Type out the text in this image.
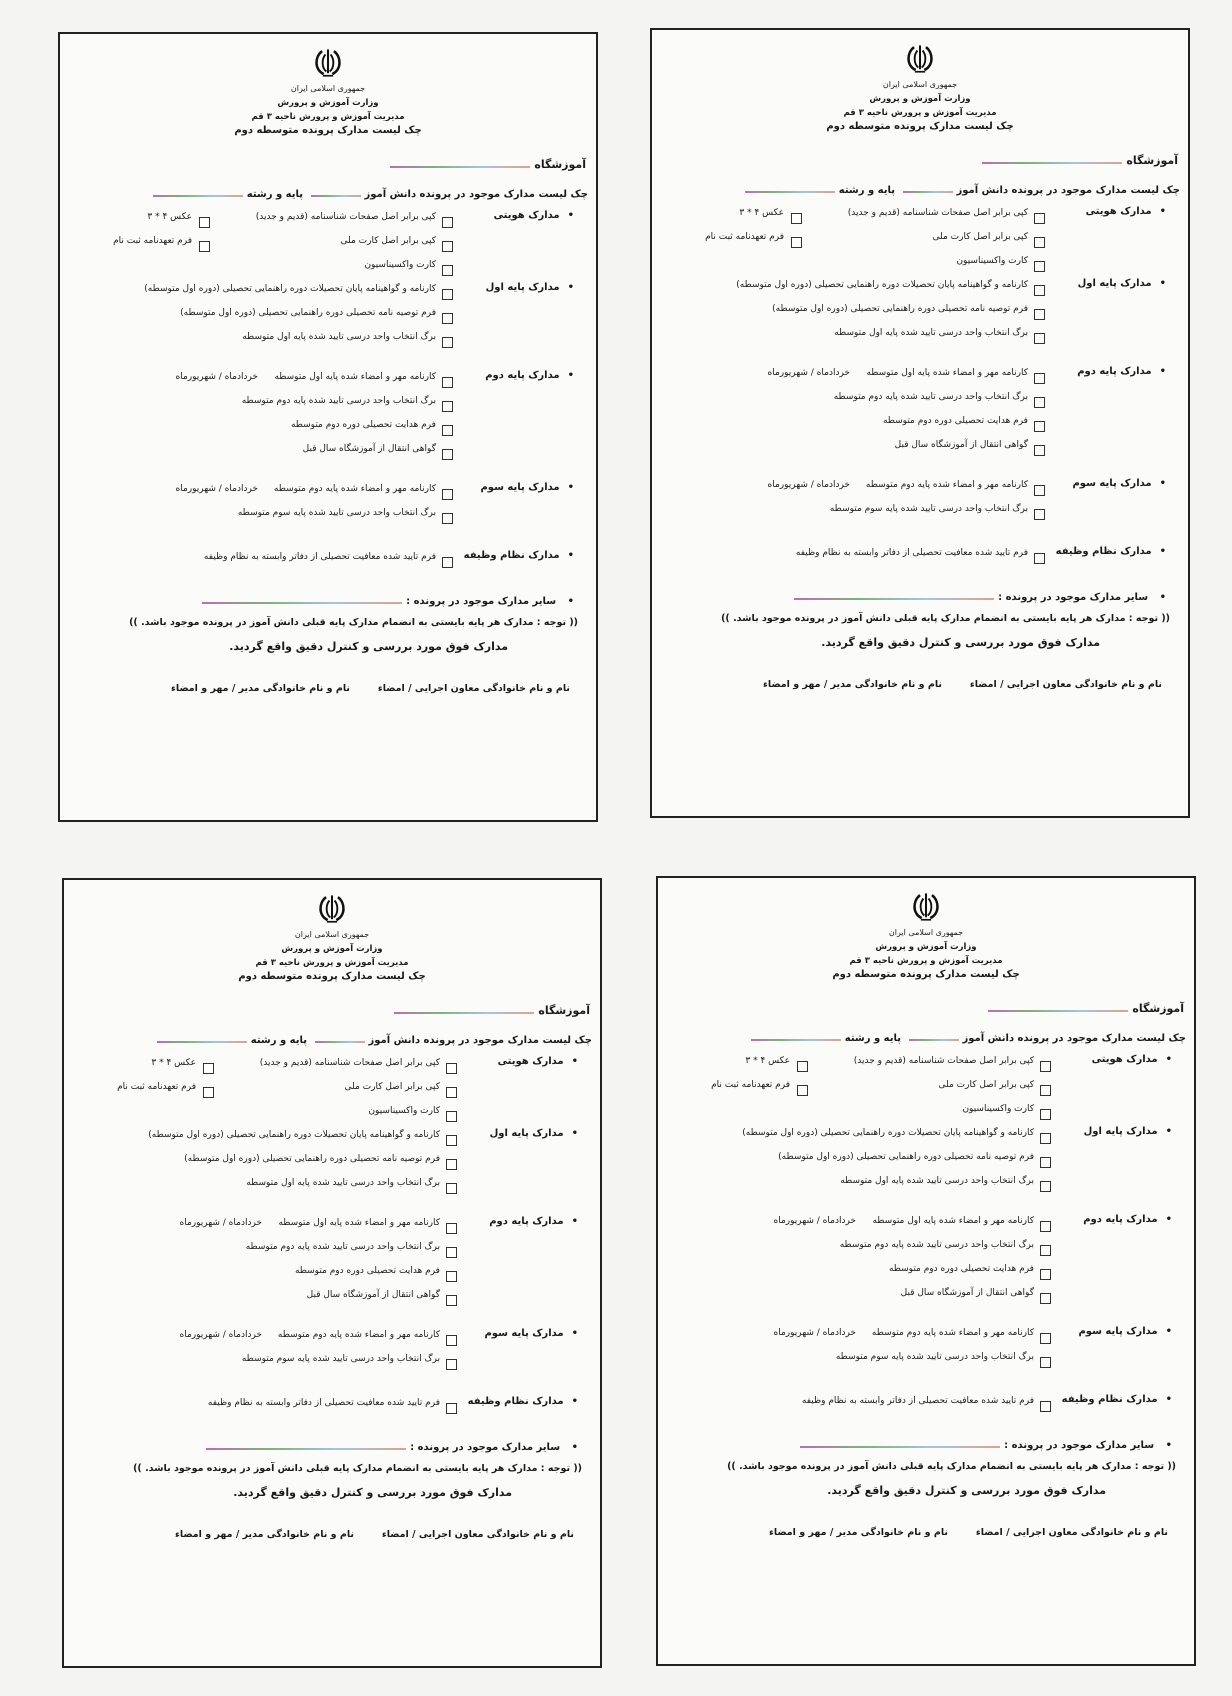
جمهوری اسلامی ایران
وزارت آموزش و پرورش
مدیریت آموزش و پرورش ناحیه ۳ قم
چک لیست مدارک پرونده متوسطه دوم
آموزشگاه
چک لیست مدارک موجود در پرونده دانش آموز پایه و رشته
• مدارک هویتی
کپی برابر اصل صفحات شناسنامه (قدیم و جدید)
عکس ۴ * ۳
کپی برابر اصل کارت ملی
فرم تعهدنامه ثبت نام
کارت واکسیناسیون
• مدارک پایه اول
کارنامه و گواهینامه پایان تحصیلات دوره راهنمایی تحصیلی (دوره اول متوسطه)
فرم توصیه نامه تحصیلی دوره راهنمایی تحصیلی (دوره اول متوسطه)
برگ انتخاب واحد درسی تایید شده پایه اول متوسطه
• مدارک پایه دوم
کارنامه مهر و امضاء شده پایه اول متوسطه
خردادماه / شهریورماه
برگ انتخاب واحد درسی تایید شده پایه دوم متوسطه
فرم هدایت تحصیلی دوره دوم متوسطه
گواهی انتقال از آموزشگاه سال قبل
• مدارک پایه سوم
کارنامه مهر و امضاء شده پایه دوم متوسطه
خردادماه / شهریورماه
برگ انتخاب واحد درسی تایید شده پایه سوم متوسطه
• مدارک نظام وظیفه
فرم تایید شده معافیت تحصیلی از دفاتر وابسته به نظام وظیفه
• سایر مدارک موجود در پرونده :
(( توجه : مدارک هر پایه بایستی به انضمام مدارک پایه قبلی دانش آموز در پرونده موجود باشد. ))
مدارک فوق مورد بررسی و کنترل دقیق واقع گردید.
نام و نام خانوادگی معاون اجرایی / امضاء
نام و نام خانوادگی مدیر / مهر و امضاء
جمهوری اسلامی ایران
وزارت آموزش و پرورش
مدیریت آموزش و پرورش ناحیه ۳ قم
چک لیست مدارک پرونده متوسطه دوم
آموزشگاه
چک لیست مدارک موجود در پرونده دانش آموز پایه و رشته
• مدارک هویتی
کپی برابر اصل صفحات شناسنامه (قدیم و جدید)
عکس ۴ * ۳
کپی برابر اصل کارت ملی
فرم تعهدنامه ثبت نام
کارت واکسیناسیون
• مدارک پایه اول
کارنامه و گواهینامه پایان تحصیلات دوره راهنمایی تحصیلی (دوره اول متوسطه)
فرم توصیه نامه تحصیلی دوره راهنمایی تحصیلی (دوره اول متوسطه)
برگ انتخاب واحد درسی تایید شده پایه اول متوسطه
• مدارک پایه دوم
کارنامه مهر و امضاء شده پایه اول متوسطه
خردادماه / شهریورماه
برگ انتخاب واحد درسی تایید شده پایه دوم متوسطه
فرم هدایت تحصیلی دوره دوم متوسطه
گواهی انتقال از آموزشگاه سال قبل
• مدارک پایه سوم
کارنامه مهر و امضاء شده پایه دوم متوسطه
خردادماه / شهریورماه
برگ انتخاب واحد درسی تایید شده پایه سوم متوسطه
• مدارک نظام وظیفه
فرم تایید شده معافیت تحصیلی از دفاتر وابسته به نظام وظیفه
• سایر مدارک موجود در پرونده :
(( توجه : مدارک هر پایه بایستی به انضمام مدارک پایه قبلی دانش آموز در پرونده موجود باشد. ))
مدارک فوق مورد بررسی و کنترل دقیق واقع گردید.
نام و نام خانوادگی معاون اجرایی / امضاء
نام و نام خانوادگی مدیر / مهر و امضاء
جمهوری اسلامی ایران
وزارت آموزش و پرورش
مدیریت آموزش و پرورش ناحیه ۳ قم
چک لیست مدارک پرونده متوسطه دوم
آموزشگاه
چک لیست مدارک موجود در پرونده دانش آموز پایه و رشته
• مدارک هویتی
کپی برابر اصل صفحات شناسنامه (قدیم و جدید)
عکس ۴ * ۳
کپی برابر اصل کارت ملی
فرم تعهدنامه ثبت نام
کارت واکسیناسیون
• مدارک پایه اول
کارنامه و گواهینامه پایان تحصیلات دوره راهنمایی تحصیلی (دوره اول متوسطه)
فرم توصیه نامه تحصیلی دوره راهنمایی تحصیلی (دوره اول متوسطه)
برگ انتخاب واحد درسی تایید شده پایه اول متوسطه
• مدارک پایه دوم
کارنامه مهر و امضاء شده پایه اول متوسطه
خردادماه / شهریورماه
برگ انتخاب واحد درسی تایید شده پایه دوم متوسطه
فرم هدایت تحصیلی دوره دوم متوسطه
گواهی انتقال از آموزشگاه سال قبل
• مدارک پایه سوم
کارنامه مهر و امضاء شده پایه دوم متوسطه
خردادماه / شهریورماه
برگ انتخاب واحد درسی تایید شده پایه سوم متوسطه
• مدارک نظام وظیفه
فرم تایید شده معافیت تحصیلی از دفاتر وابسته به نظام وظیفه
• سایر مدارک موجود در پرونده :
(( توجه : مدارک هر پایه بایستی به انضمام مدارک پایه قبلی دانش آموز در پرونده موجود باشد. ))
مدارک فوق مورد بررسی و کنترل دقیق واقع گردید.
نام و نام خانوادگی معاون اجرایی / امضاء
نام و نام خانوادگی مدیر / مهر و امضاء
جمهوری اسلامی ایران
وزارت آموزش و پرورش
مدیریت آموزش و پرورش ناحیه ۳ قم
چک لیست مدارک پرونده متوسطه دوم
آموزشگاه
چک لیست مدارک موجود در پرونده دانش آموز پایه و رشته
• مدارک هویتی
کپی برابر اصل صفحات شناسنامه (قدیم و جدید)
عکس ۴ * ۳
کپی برابر اصل کارت ملی
فرم تعهدنامه ثبت نام
کارت واکسیناسیون
• مدارک پایه اول
کارنامه و گواهینامه پایان تحصیلات دوره راهنمایی تحصیلی (دوره اول متوسطه)
فرم توصیه نامه تحصیلی دوره راهنمایی تحصیلی (دوره اول متوسطه)
برگ انتخاب واحد درسی تایید شده پایه اول متوسطه
• مدارک پایه دوم
کارنامه مهر و امضاء شده پایه اول متوسطه
خردادماه / شهریورماه
برگ انتخاب واحد درسی تایید شده پایه دوم متوسطه
فرم هدایت تحصیلی دوره دوم متوسطه
گواهی انتقال از آموزشگاه سال قبل
• مدارک پایه سوم
کارنامه مهر و امضاء شده پایه دوم متوسطه
خردادماه / شهریورماه
برگ انتخاب واحد درسی تایید شده پایه سوم متوسطه
• مدارک نظام وظیفه
فرم تایید شده معافیت تحصیلی از دفاتر وابسته به نظام وظیفه
• سایر مدارک موجود در پرونده :
(( توجه : مدارک هر پایه بایستی به انضمام مدارک پایه قبلی دانش آموز در پرونده موجود باشد. ))
مدارک فوق مورد بررسی و کنترل دقیق واقع گردید.
نام و نام خانوادگی معاون اجرایی / امضاء
نام و نام خانوادگی مدیر / مهر و امضاء
